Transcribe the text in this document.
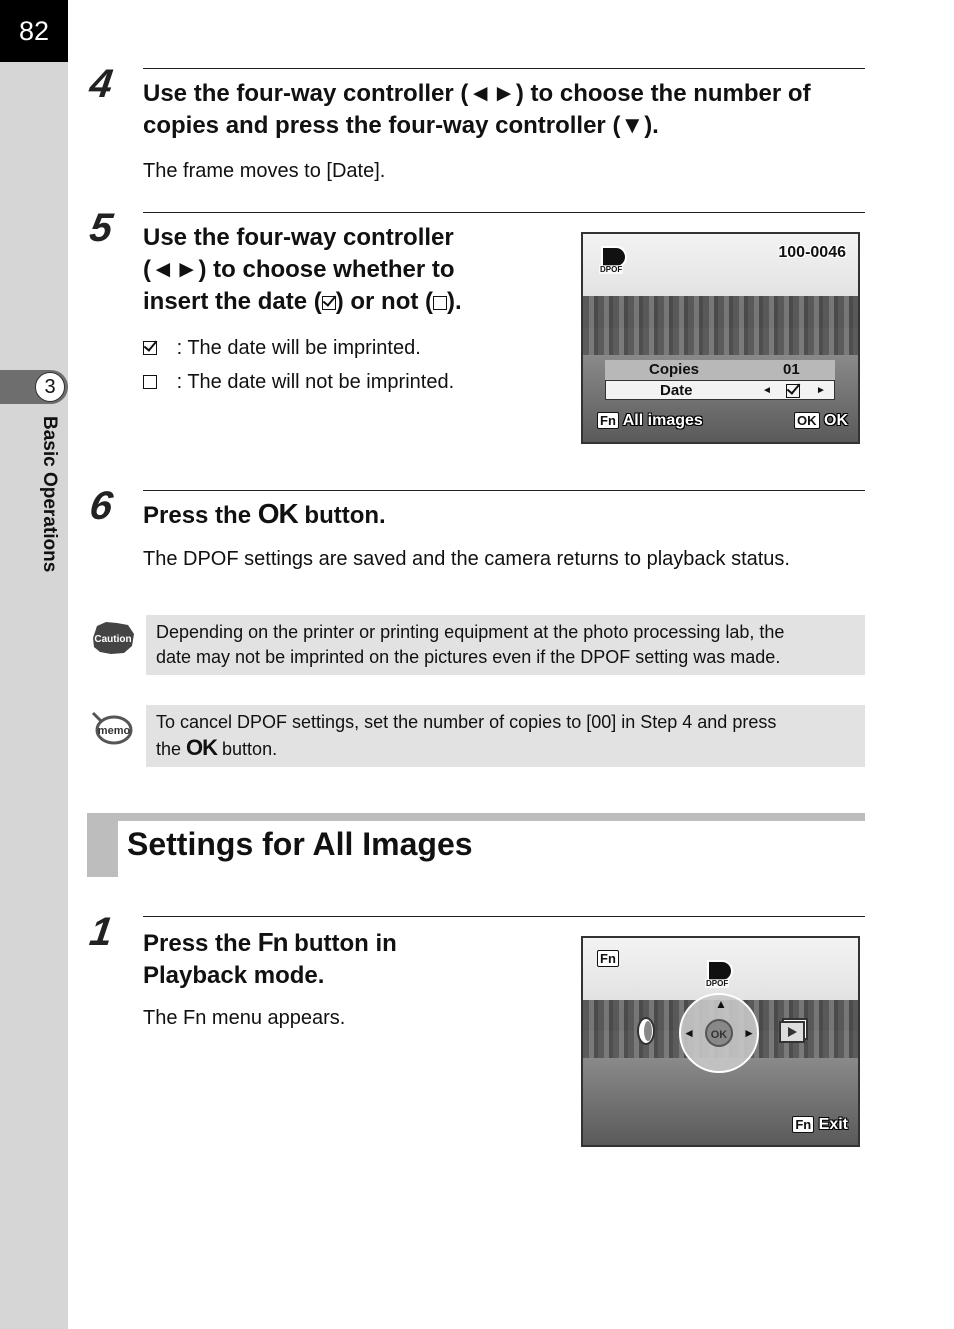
82
3
Basic Operations
4 Use the four-way controller (◄►) to choose the number of
copies and press the four-way controller (▼).
The frame moves to [Date].
5 Use the four-way controller
(◄►) to choose whether to
insert the date ( ) or not ( ).
: The date will be imprinted.
: The date will not be imprinted.
DPOF
100-0046
Copies	01
Date	◄	►
Fn All images	OK OK
6 Press the OK button.
The DPOF settings are saved and the camera returns to playback status.
Caution Depending on the printer or printing equipment at the photo processing lab, the
date may not be imprinted on the pictures even if the DPOF setting was made.
memo To cancel DPOF settings, set the number of copies to [00] in Step 4 and press
the OK button.
Settings for All Images
1 Press the Fn button in
Playback mode.
The Fn menu appears.
Fn
DPOF
▲
◄	►
OK
Fn Exit
